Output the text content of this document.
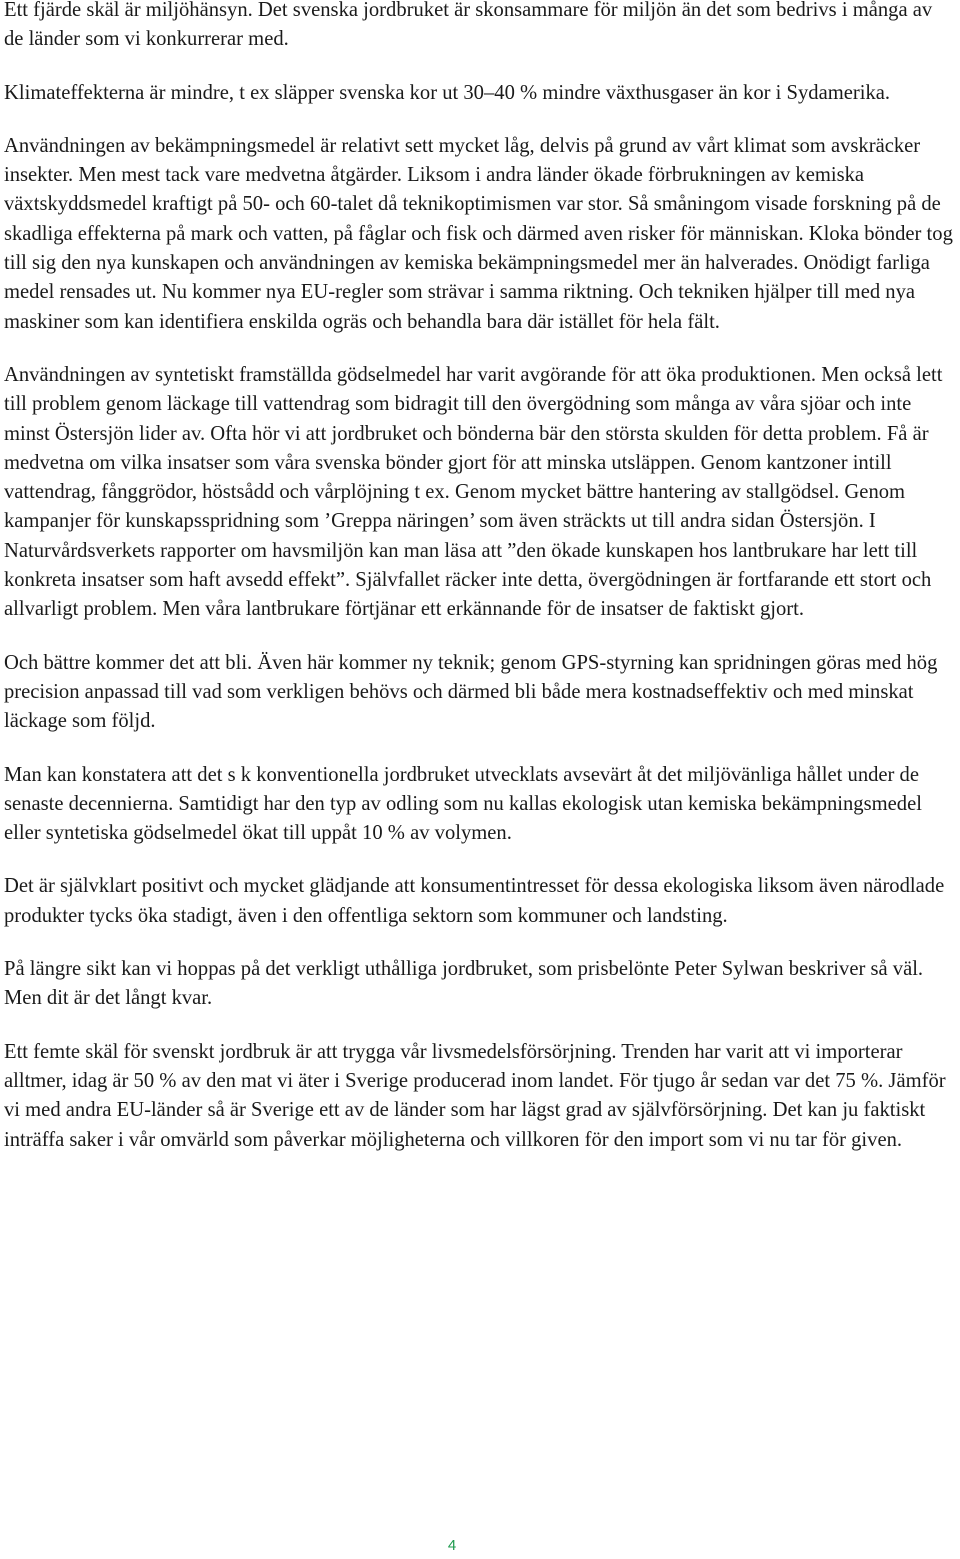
Ett fjärde skäl är miljöhänsyn. Det svenska jordbruket är skonsammare för miljön än det som bedrivs i många av de länder som vi konkurrerar med.

Klimateffekterna är mindre, t ex släpper svenska kor ut 30–40 % mindre växthusgaser än kor i Sydamerika.

Användningen av bekämpningsmedel är relativt sett mycket låg, delvis på grund av vårt klimat som avskräcker insekter. Men mest tack vare medvetna åtgärder. Liksom i andra länder ökade förbrukningen av kemiska växtskyddsmedel kraftigt på 50- och 60-talet då teknikoptimismen var stor. Så småningom visade forskning på de skadliga effekterna på mark och vatten, på fåglar och fisk och därmed aven risker för människan. Kloka bönder tog till sig den nya kunskapen och användningen av kemiska bekämpningsmedel mer än halverades. Onödigt farliga medel rensades ut. Nu kommer nya EU-regler som strävar i samma riktning. Och tekniken hjälper till med nya maskiner som kan identifiera enskilda ogräs och behandla bara där istället för hela fält.

Användningen av syntetiskt framställda gödselmedel har varit avgörande för att öka produktionen. Men också lett till problem genom läckage till vattendrag som bidragit till den övergödning som många av våra sjöar och inte minst Östersjön lider av. Ofta hör vi att jordbruket och bönderna bär den största skulden för detta problem. Få är medvetna om vilka insatser som våra svenska bönder gjort för att minska utsläppen. Genom kantzoner intill vattendrag, fånggrödor, höstsådd och vårplöjning t ex. Genom mycket bättre hantering av stallgödsel. Genom kampanjer för kunskapsspridning som ’Greppa näringen’ som även sträckts ut till andra sidan Östersjön. I Naturvårdsverkets rapporter om havsmiljön kan man läsa att ”den ökade kunskapen hos lantbrukare har lett till konkreta insatser som haft avsedd effekt”. Självfallet räcker inte detta, övergödningen är fortfarande ett stort och allvarligt problem. Men våra lantbrukare förtjänar ett erkännande för de insatser de faktiskt gjort.

Och bättre kommer det att bli. Även här kommer ny teknik; genom GPS-styrning kan spridningen göras med hög precision anpassad till vad som verkligen behövs och därmed bli både mera kostnadseffektiv och med minskat läckage som följd.

Man kan konstatera att det s k konventionella jordbruket utvecklats avsevärt åt det miljövänliga hållet under de senaste decennierna. Samtidigt har den typ av odling som nu kallas ekologisk utan kemiska bekämpningsmedel eller syntetiska gödselmedel ökat till uppåt 10 % av volymen.

Det är självklart positivt och mycket glädjande att konsumentintresset för dessa ekologiska liksom även närodlade produkter tycks öka stadigt, även i den offentliga sektorn som kommuner och landsting.

På längre sikt kan vi hoppas på det verkligt uthålliga jordbruket, som prisbelönte Peter Sylwan beskriver så väl. Men dit är det långt kvar.

Ett femte skäl för svenskt jordbruk är att trygga vår livsmedelsförsörjning. Trenden har varit att vi importerar alltmer, idag är 50 % av den mat vi äter i Sverige producerad inom landet. För tjugo år sedan var det 75 %. Jämför vi med andra EU-länder så är Sverige ett av de länder som har lägst grad av självförsörjning. Det kan ju faktiskt inträffa saker i vår omvärld som påverkar möjligheterna och villkoren för den import som vi nu tar för given.

4
